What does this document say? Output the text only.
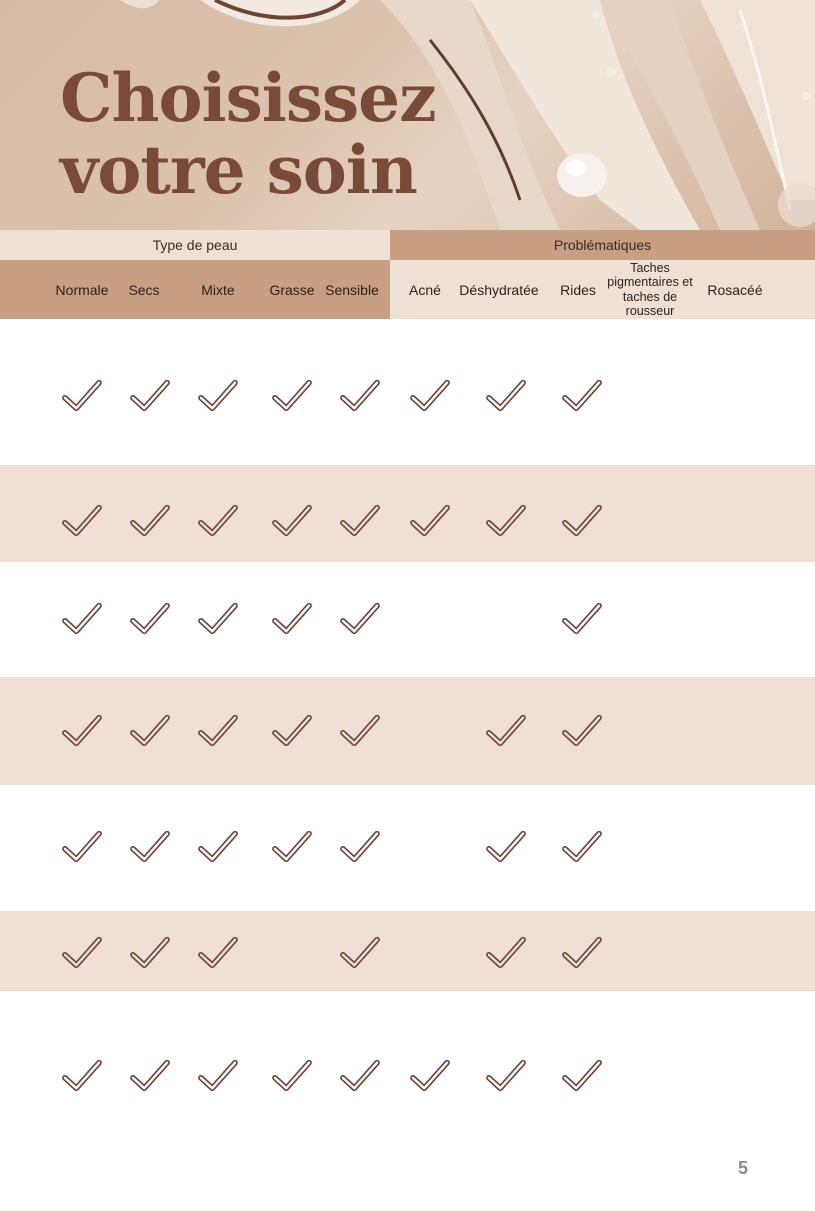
Choisissez
votre soin
Type de peau	Problématiques
Normale Secs	Mixte Grasse Sensible Acné Déshydratée Rides
Taches pigmentaires et taches de rousseur
Rosacéé
5
